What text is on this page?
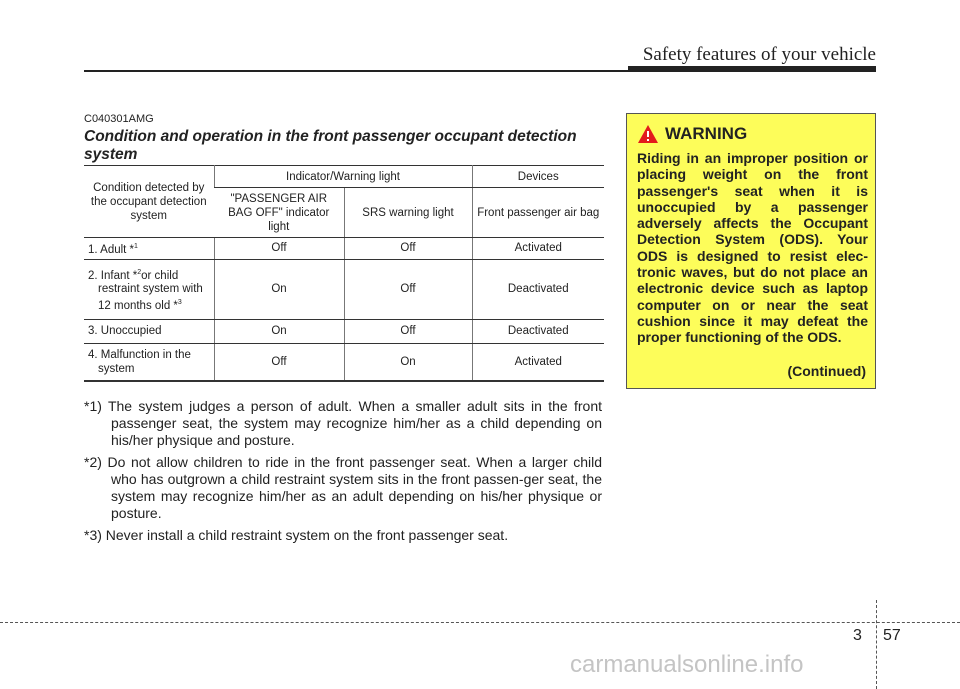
Safety features of your vehicle
C040301AMG
Condition and operation in the front passenger occupant detection system
Condition detected by the occupant detection system	Indicator/Warning light		Devices
	"PASSENGER AIR BAG OFF" indicator light	SRS warning light	Front passenger air bag
1. Adult *$^1$	Off	Off	Activated
2. Infant *$^2$or child
restraint system with
12 months old *$^3$	On	Off	Deactivated
3. Unoccupied	On	Off	Deactivated
4. Malfunction in the
system	Off	On	Activated

*1) The system judges a person of adult. When a smaller adult sits in the front passenger seat, the system may recognize him/her as a child depending on his/her physique and posture.

*2) Do not allow children to ride in the front passenger seat. When a larger child who has outgrown a child restraint system sits in the front passen-ger seat, the system may recognize him/her as an adult depending on his/her physique or posture.

*3) Never install a child restraint system on the front passenger seat.

WARNING
Riding in an improper position or placing weight on the front passenger's seat when it is unoccupied by a passenger adversely affects the Occupant Detection System (ODS). Your ODS is designed to resist elec-tronic waves, but do not place an electronic device such as laptop computer on or near the seat cushion since it may defeat the proper functioning of the ODS.
(Continued)
3 57
carmanualsonline.info
